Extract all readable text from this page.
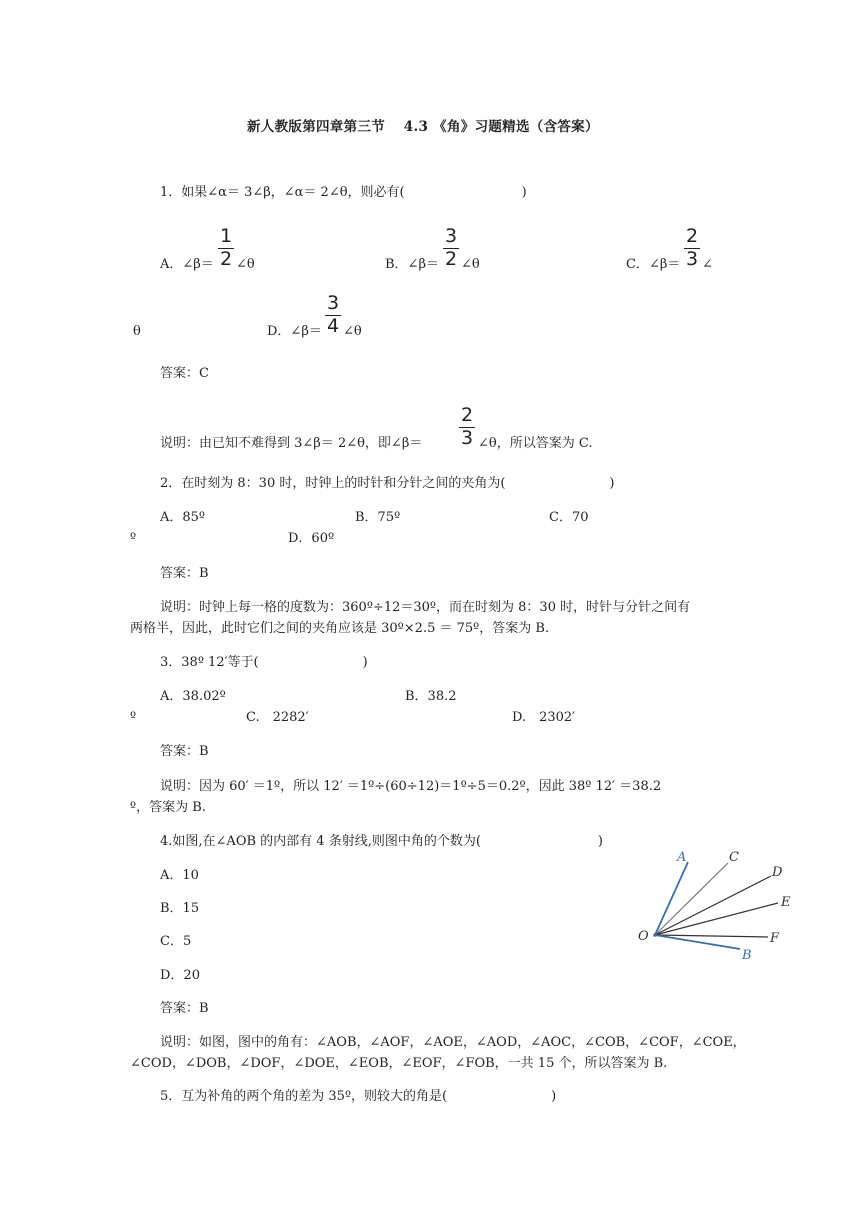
新人教版第四章第三节　 4.3 《角》习题精选（含答案）
1．如果∠α＝ 3∠β，∠α＝ 2∠θ，则必有(　　　　　　　　　)
A．∠β＝
1
2 ∠θ	B．∠β＝
3
2 ∠θ	C．∠β＝
2
3 ∠
θ	D．∠β＝
3
4 ∠θ
答案：C
说明：由已知不难得到 3∠β＝ 2∠θ，即∠β＝
2
3 ∠θ，所以答案为 C.
2．在时刻为 8：30 时，时钟上的时针和分针之间的夹角为(　　　　　　　　)
A．85º	B．75º	C．70
º	D．60º
答案：B
说明：时钟上每一格的度数为：360º÷12＝30º，而在时刻为 8：30 时，时针与分针之间有
两格半，因此，此时它们之间的夹角应该是 30º×2.5 ＝ 75º，答案为 B.
3．38º 12′等于(　　　　　　　　)
A．38.02º	B．38.2
º	C.　2282′	D.　2302′
答案：B
说明：因为 60′ ＝1º，所以 12′ ＝1º÷(60÷12)＝1º÷5＝0.2º，因此 38º 12′ ＝38.2
º，答案为 B.
4.如图,在∠AOB 的内部有 4 条射线,则图中角的个数为(　　　　　　　　　)
A．10
B．15
C．5
D．20
答案：B
说明：如图，图中的角有：∠AOB，∠AOF，∠AOE，∠AOD，∠AOC，∠COB，∠COF，∠COE，
∠COD，∠DOB，∠DOF，∠DOE，∠EOB，∠EOF，∠FOB，一共 15 个，所以答案为 B.
A	C
D
E
F
B
O
5．互为补角的两个角的差为 35º，则较大的角是(　　　　　　　　)
